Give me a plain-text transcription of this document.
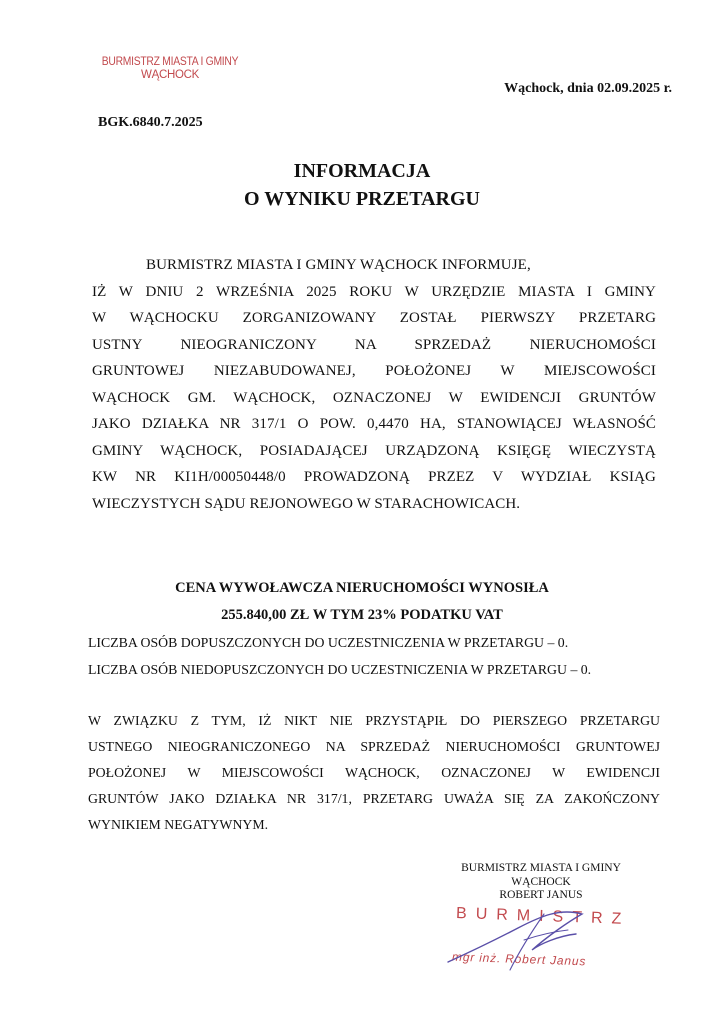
BURMISTRZ MIASTA I GMINY
WĄCHOCK
Wąchock, dnia 02.09.2025 r.
BGK.6840.7.2025
INFORMACJA
O WYNIKU PRZETARGU
BURMISTRZ MIASTA I GMINY WĄCHOCK INFORMUJE,
IŻ W DNIU 2 WRZEŚNIA 2025 ROKU W URZĘDZIE MIASTA I GMINY
W WĄCHOCKU ZORGANIZOWANY ZOSTAŁ PIERWSZY PRZETARG
USTNY NIEOGRANICZONY NA SPRZEDAŻ NIERUCHOMOŚCI
GRUNTOWEJ NIEZABUDOWANEJ, POŁOŻONEJ W MIEJSCOWOŚCI
WĄCHOCK GM. WĄCHOCK, OZNACZONEJ W EWIDENCJI GRUNTÓW
JAKO DZIAŁKA NR 317/1 O POW. 0,4470 HA, STANOWIĄCEJ WŁASNOŚĆ
GMINY WĄCHOCK, POSIADAJĄCEJ URZĄDZONĄ KSIĘGĘ WIECZYSTĄ
KW NR KI1H/00050448/0 PROWADZONĄ PRZEZ V WYDZIAŁ KSIĄG
WIECZYSTYCH SĄDU REJONOWEGO W STARACHOWICACH.
CENA WYWOŁAWCZA NIERUCHOMOŚCI WYNOSIŁA
255.840,00 ZŁ W TYM 23% PODATKU VAT
LICZBA OSÓB DOPUSZCZONYCH DO UCZESTNICZENIA W PRZETARGU – 0.
LICZBA OSÓB NIEDOPUSZCZONYCH DO UCZESTNICZENIA W PRZETARGU – 0.
W ZWIĄZKU Z TYM, IŻ NIKT NIE PRZYSTĄPIŁ DO PIERSZEGO PRZETARGU
USTNEGO NIEOGRANICZONEGO NA SPRZEDAŻ NIERUCHOMOŚCI GRUNTOWEJ
POŁOŻONEJ W MIEJSCOWOŚCI WĄCHOCK, OZNACZONEJ W EWIDENCJI
GRUNTÓW JAKO DZIAŁKA NR 317/1, PRZETARG UWAŻA SIĘ ZA ZAKOŃCZONY
WYNIKIEM NEGATYWNYM.
BURMISTRZ MIASTA I GMINY
WĄCHOCK
ROBERT JANUS
BURMISTRZ
mgr inż. Robert Janus
